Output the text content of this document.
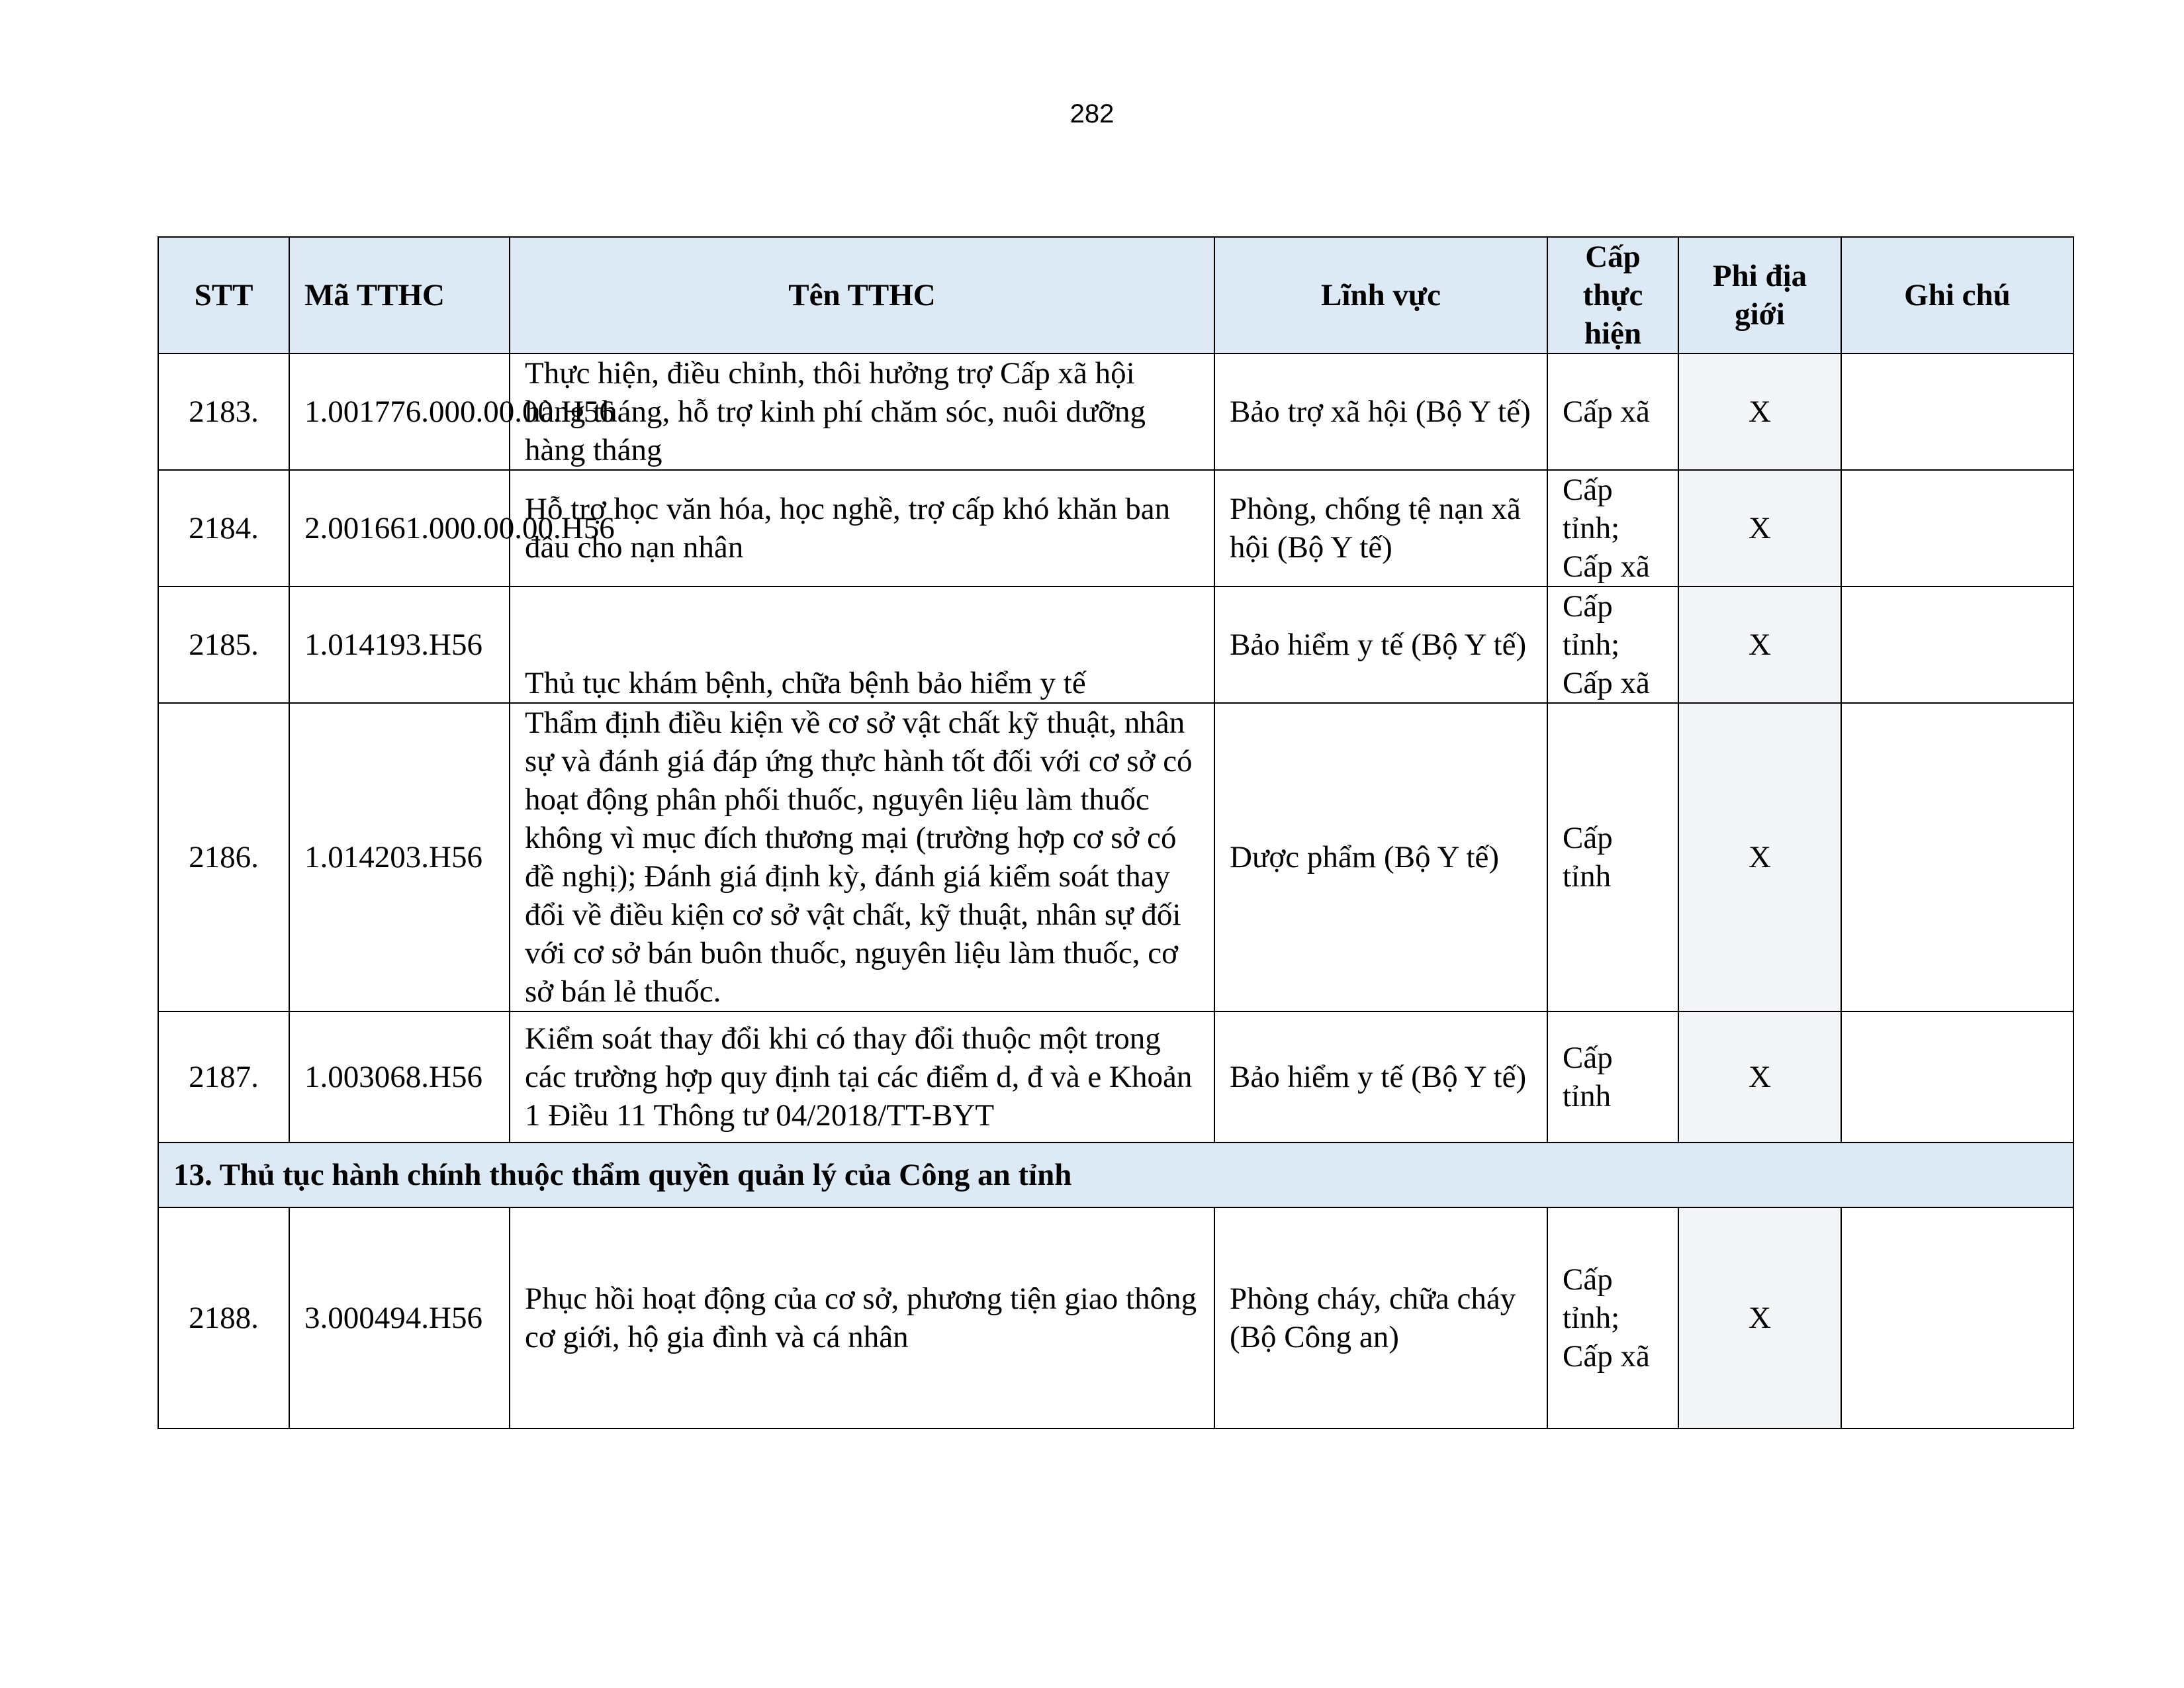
282
STT	Mã TTHC	Tên TTHC	Lĩnh vực	Cấp thực hiện	Phi địa giới	Ghi chú
2183.	1.001776.000.00.00.H56	Thực hiện, điều chỉnh, thôi hưởng trợ Cấp xã hội hàng tháng, hỗ trợ kinh phí chăm sóc, nuôi dưỡng hàng tháng	Bảo trợ xã hội (Bộ Y tế)	Cấp xã	X	
2184.	2.001661.000.00.00.H56	Hỗ trợ học văn hóa, học nghề, trợ cấp khó khăn ban đầu cho nạn nhân	Phòng, chống tệ nạn xã hội (Bộ Y tế)	Cấp tỉnh; Cấp xã	X	
2185.	1.014193.H56	Thủ tục khám bệnh, chữa bệnh bảo hiểm y tế	Bảo hiểm y tế (Bộ Y tế)	Cấp tỉnh; Cấp xã	X	
2186.	1.014203.H56	Thẩm định điều kiện về cơ sở vật chất kỹ thuật, nhân sự và đánh giá đáp ứng thực hành tốt đối với cơ sở có hoạt động phân phối thuốc, nguyên liệu làm thuốc không vì mục đích thương mại (trường hợp cơ sở có đề nghị); Đánh giá định kỳ, đánh giá kiểm soát thay đổi về điều kiện cơ sở vật chất, kỹ thuật, nhân sự đối với cơ sở bán buôn thuốc, nguyên liệu làm thuốc, cơ sở bán lẻ thuốc.	Dược phẩm (Bộ Y tế)	Cấp tỉnh	X	
2187.	1.003068.H56	Kiểm soát thay đổi khi có thay đổi thuộc một trong các trường hợp quy định tại các điểm d, đ và e Khoản 1 Điều 11 Thông tư 04/2018/TT-BYT	Bảo hiểm y tế (Bộ Y tế)	Cấp tỉnh	X	
13. Thủ tục hành chính thuộc thẩm quyền quản lý của Công an tỉnh						
2188.	3.000494.H56	Phục hồi hoạt động của cơ sở, phương tiện giao thông cơ giới, hộ gia đình và cá nhân	Phòng cháy, chữa cháy (Bộ Công an)	Cấp tỉnh; Cấp xã	X	
